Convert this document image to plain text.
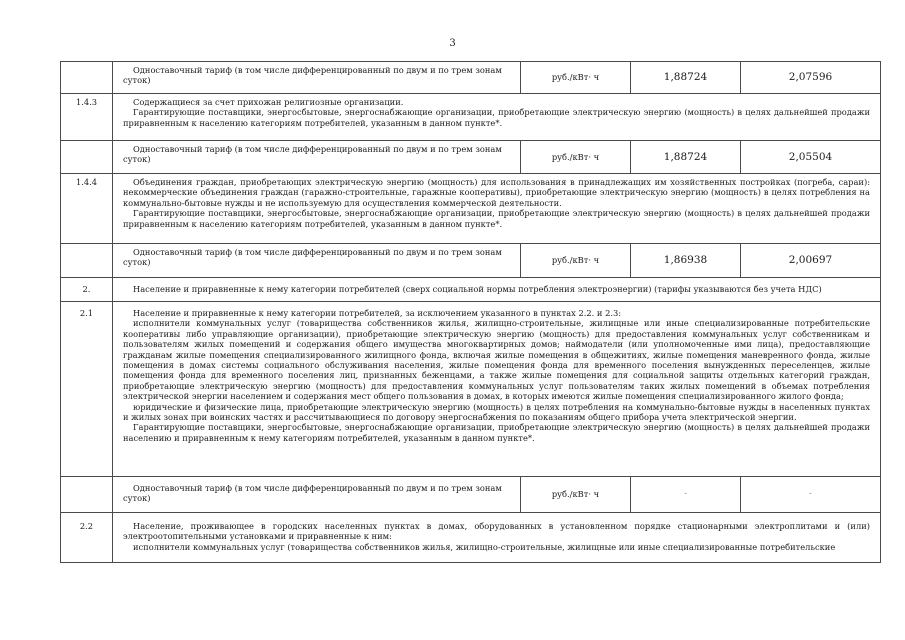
3
	Одноставочный тариф (в том числе дифференцированный по двум и по трем зонам суток)	руб./кВт· ч	1,88724	2,07596
1.4.3	Содержащиеся за счет прихожан религиозные организации.

Гарантирующие поставщики, энергосбытовые, энергоснабжающие организации, приобретающие электрическую энергию (мощность) в целях дальнейшей продажи приравненным к населению категориям потребителей, указанным в данном пункте*.			

	Одноставочный тариф (в том числе дифференцированный по двум и по трем зонам суток)	руб./кВт· ч	1,88724	2,05504
1.4.4	Объединения граждан, приобретающих электрическую энергию (мощность) для использования в принадлежащих им хозяйственных постройках (погреба, сараи): некоммерческие объединения граждан (гаражно-строительные, гаражные кооперативы), приобретающие электрическую энергию (мощность) в целях потребления на коммунально-бытовые нужды и не используемую для осуществления коммерческой деятельности.

Гарантирующие поставщики, энергосбытовые, энергоснабжающие организации, приобретающие электрическую энергию (мощность) в целях дальнейшей продажи приравненным к населению категориям потребителей, указанным в данном пункте*.			

	Одноставочный тариф (в том числе дифференцированный по двум и по трем зонам суток)	руб./кВт· ч	1,86938	2,00697
2.	Население и приравненные к нему категории потребителей (сверх социальной нормы потребления электроэнергии) (тарифы указываются без учета НДС)			
2.1	Население и приравненные к нему категории потребителей, за исключением указанного в пунктах 2.2. и 2.3:

исполнители коммунальных услуг (товарищества собственников жилья, жилищно-строительные, жилищные или иные специализированные потребительские кооперативы либо управляющие организации), приобретающие электрическую энергию (мощность) для предоставления коммунальных услуг собственникам и пользователям жилых помещений и содержания общего имущества многоквартирных домов; наймодатели (или уполномоченные ими лица), предоставляющие гражданам жилые помещения специализированного жилищного фонда, включая жилые помещения в общежитиях, жилые помещения маневренного фонда, жилые помещения в домах системы социального обслуживания населения, жилые помещения фонда для временного поселения вынужденных переселенцев, жилые помещения фонда для временного поселения лиц, признанных беженцами, а также жилые помещения для социальной защиты отдельных категорий граждан, приобретающие электрическую энергию (мощность) для предоставления коммунальных услуг пользователям таких жилых помещений в объемах потребления электрической энергии населением и содержания мест общего пользования в домах, в которых имеются жилые помещения специализированного жилого фонда;

юридические и физические лица, приобретающие электрическую энергию (мощность) в целях потребления на коммунально-бытовые нужды в населенных пунктах и жилых зонах при воинских частях и рассчитывающиеся по договору энергоснабжения по показаниям общего прибора учета электрической энергии.

Гарантирующие поставщики, энергосбытовые, энергоснабжающие организации, приобретающие электрическую энергию (мощность) в целях дальнейшей продажи населению и приравненным к нему категориям потребителей, указанным в данном пункте*.			

	Одноставочный тариф (в том числе дифференцированный по двум и по трем зонам суток)	руб./кВт· ч	-	-
2.2	Население, проживающее в городских населенных пунктах в домах, оборудованных в установленном порядке стационарными электроплитами и (или) электроотопительными установками и приравненные к ним:

исполнители коммунальных услуг (товарищества собственников жилья, жилищно-строительные, жилищные или иные специализированные потребительские			
